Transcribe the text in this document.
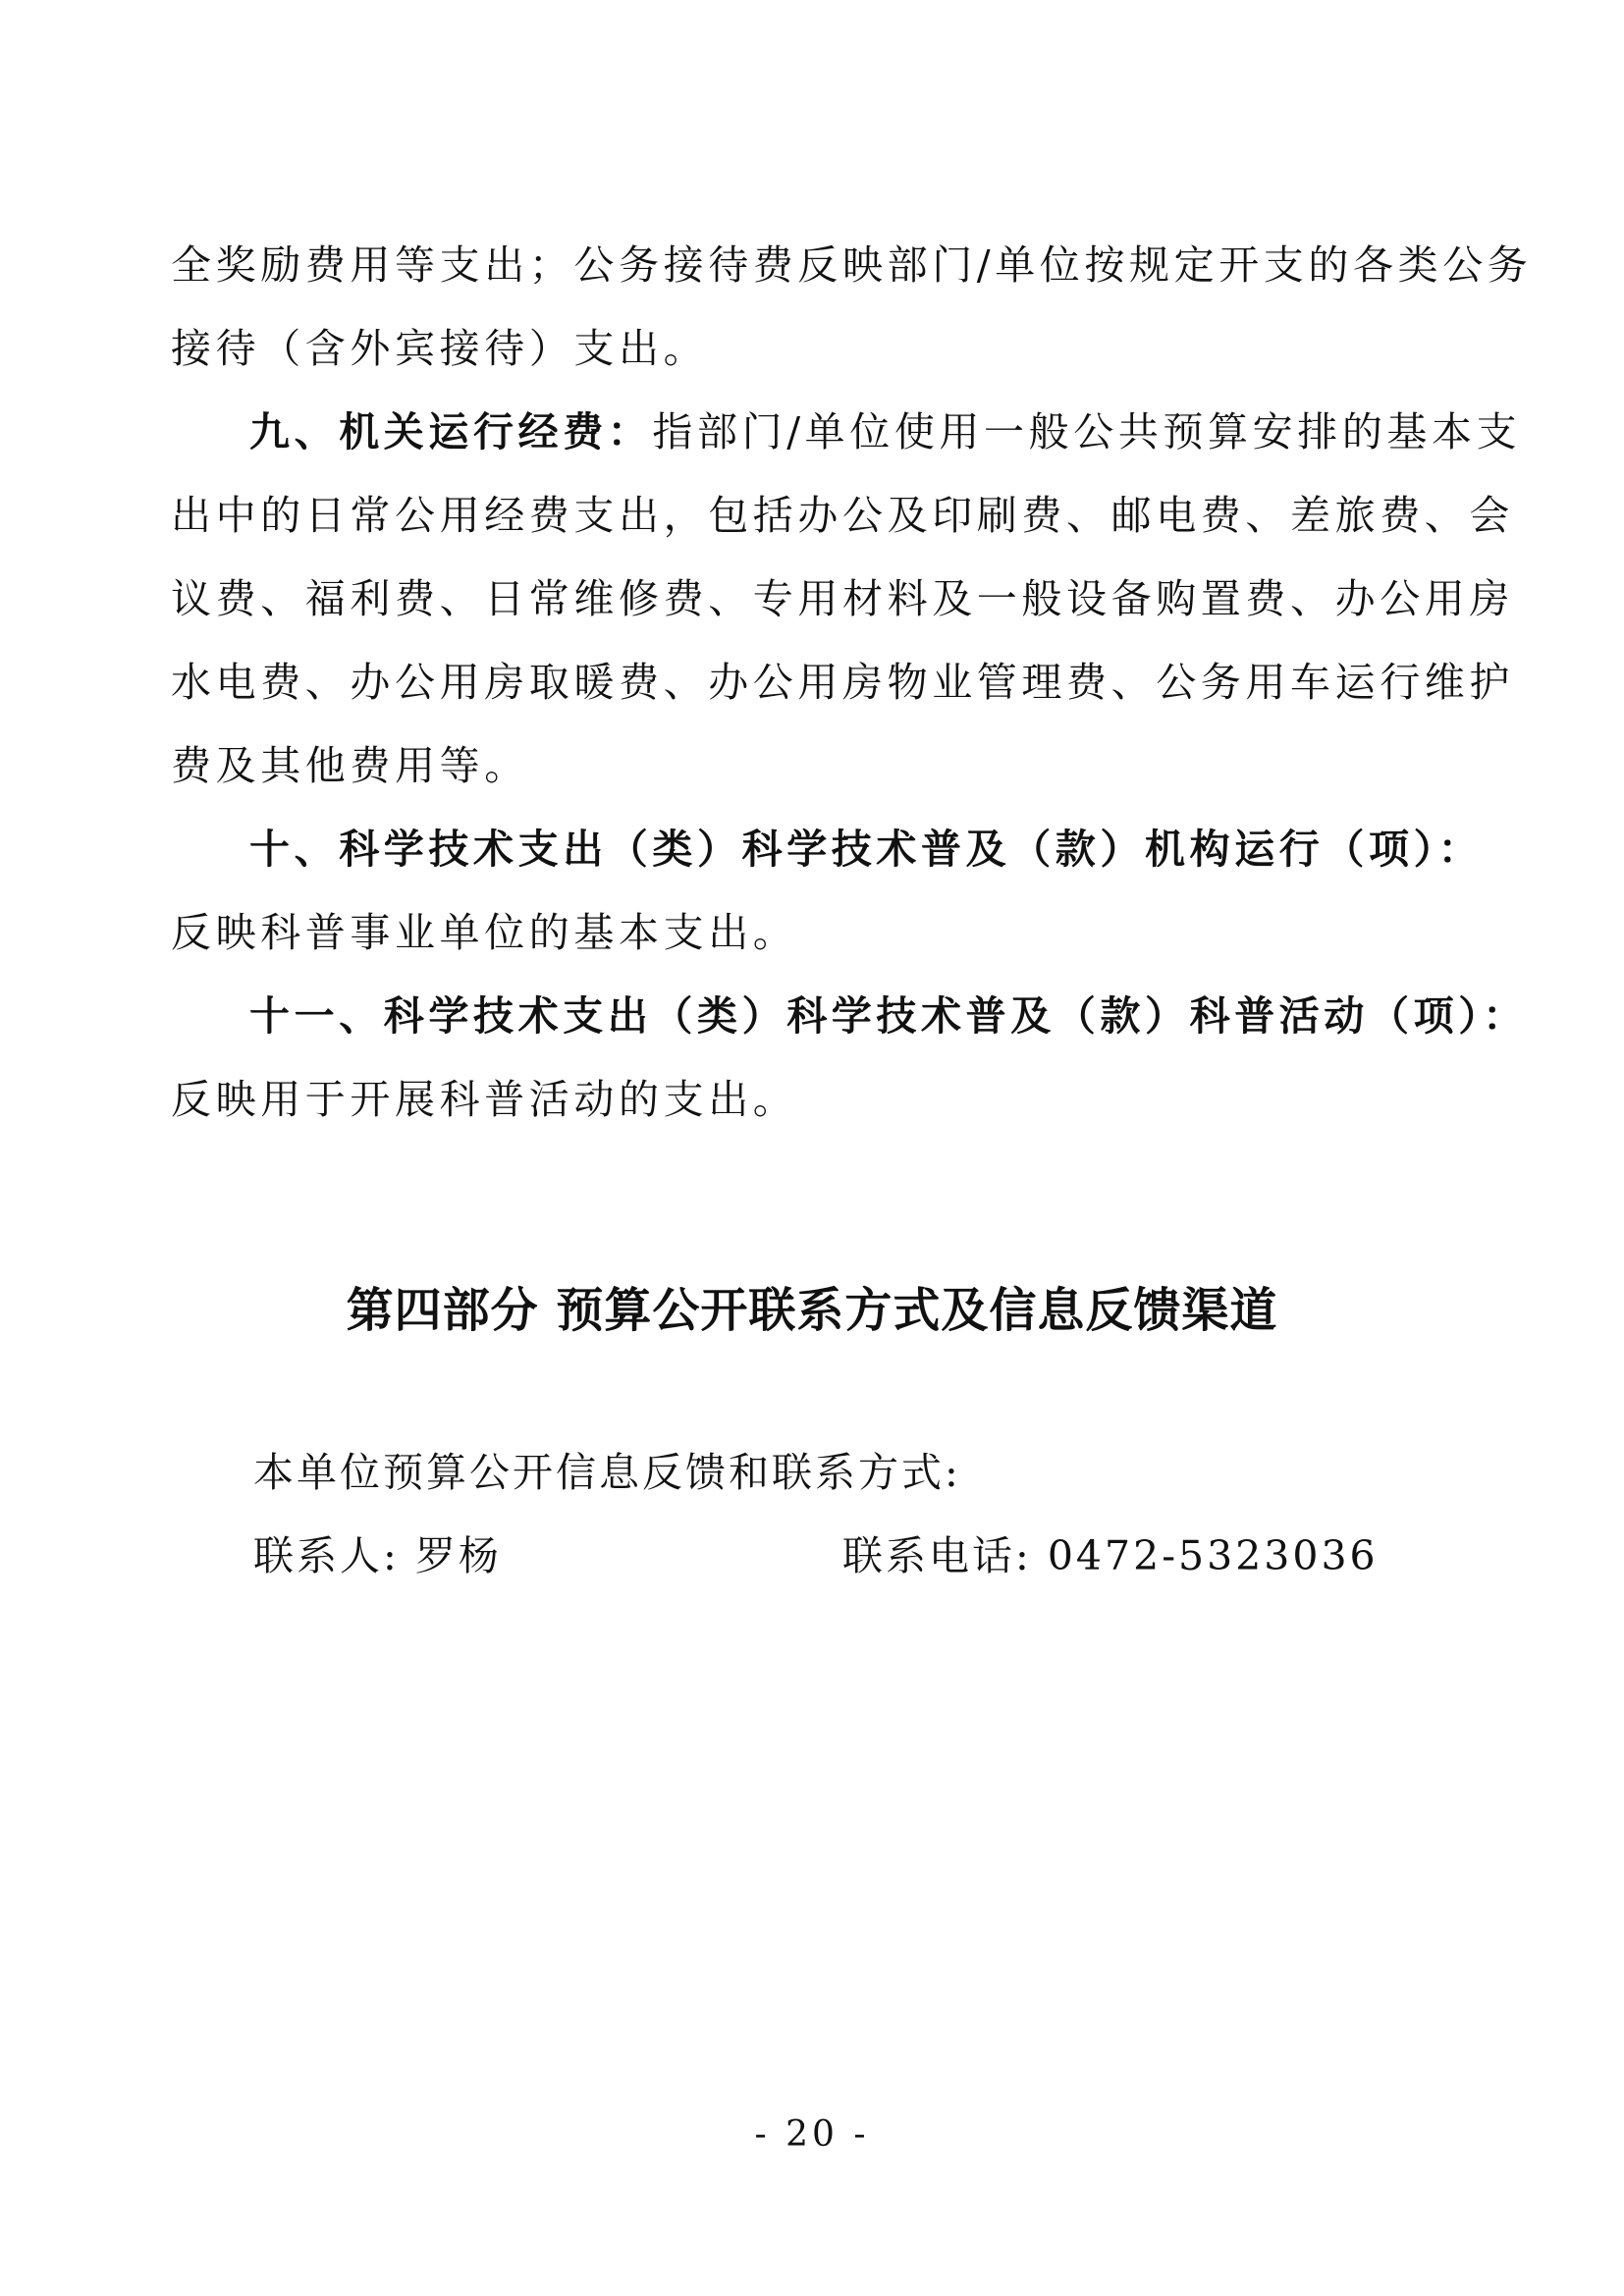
全奖励费用等支出；公务接待费反映部门/单位按规定开支的各类公务
接待（含外宾接待）支出。
九、机关运行经费：指部门/单位使用一般公共预算安排的基本支
出中的日常公用经费支出，包括办公及印刷费、邮电费、差旅费、会
议费、福利费、日常维修费、专用材料及一般设备购置费、办公用房
水电费、办公用房取暖费、办公用房物业管理费、公务用车运行维护
费及其他费用等。
十、科学技术支出（类）科学技术普及（款）机构运行（项）：
反映科普事业单位的基本支出。
十一、科学技术支出（类）科学技术普及（款）科普活动（项）：
反映用于开展科普活动的支出。
第四部分 预算公开联系方式及信息反馈渠道
本单位预算公开信息反馈和联系方式:
联系人: 罗杨	联系电话: 0472-5323036
- 20 -
